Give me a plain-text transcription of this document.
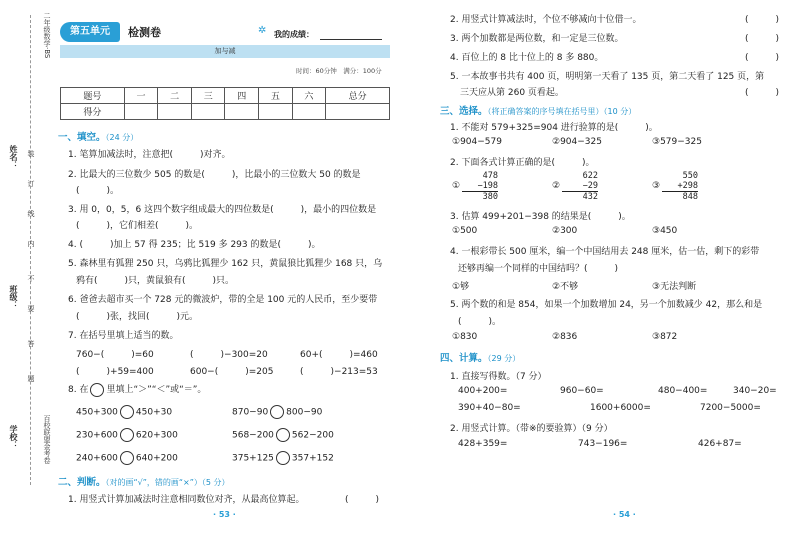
二年级数学·BS
姓名：
班级：
学校：
装
订
线
内
不
要
答
题
百校联盟金考卷
第五单元	检测卷	✲ 我的成绩：
加与减
时间：60分钟　满分：100分
题号	一	二	三	四	五	六	总分
得分							
一、填空。（24 分）
1. 笔算加减法时，注意把(　　　)对齐。
2. 比最大的三位数少 505 的数是(　　　)，比最小的三位数大 50 的数是
(　　　)。
3. 用 0，0，5，6 这四个数字组成最大的四位数是(　　　)，最小的四位数是
(　　　)，它们相差(　　　)。
4. (　　　)加上 57 得 235；比 519 多 293 的数是(　　　)。
5. 森林里有狐狸 250 只，乌鸦比狐狸少 162 只，黄鼠狼比狐狸少 168 只，乌
鸦有(　　　)只，黄鼠狼有(　　　)只。
6. 爸爸去超市买一个 728 元的微波炉，带的全是 100 元的人民币，至少要带
(　　　)张，找回(　　　)元。
7. 在括号里填上适当的数。
760−(　　　)=60	(　　　)−300=20	60+(　　　)=460
(　　　)+59=400	600−(　　　)=205	(　　　)−213=53
8. 在 里填上“＞”“＜”或“＝”。
450+300 450+30	870−90 800−90
230+600 620+300	568−200 562−200
240+600 640+200	375+125 357+152
二、判断。（对的画“√”，错的画“×”）（5 分）
1. 用竖式计算加减法时注意相同数位对齐，从最高位算起。	(　　　)
· 53 ·
2. 用竖式计算减法时，个位不够减向十位借一。	(　　　)
3. 两个加数都是两位数，和一定是三位数。	(　　　)
4. 百位上的 8 比十位上的 8 多 880。	(　　　)
5. 一本故事书共有 400 页，明明第一天看了 135 页，第二天看了 125 页，第
三天应从第 260 页看起。	(　　　)
三、选择。（将正确答案的序号填在括号里）（10 分）
1. 不能对 579+325=904 进行验算的是(　　　)。
①904−579	②904−325	③579−325
2. 下面各式计算正确的是(　　　)。
①
478
−198
380
②
622
−29
432
③
550
+298
848
3. 估算 499+201−398 的结果是(　　　)。
①500	②300	③450
4. 一根彩带长 500 厘米，编一个中国结用去 248 厘米，估一估，剩下的彩带
还够再编一个同样的中国结吗？(　　　)
①够	②不够	③无法判断
5. 两个数的和是 854，如果一个加数增加 24，另一个加数减少 42，那么和是
(　　　)。
①830	②836	③872
四、计算。（29 分）
1. 直接写得数。（7 分）
400+200=	960−60=	480−400=	340−20=
390+40−80=	1600+6000=	7200−5000=
2. 用竖式计算。（带※的要验算）（9 分）
428+359=	743−196=	426+87=
· 54 ·
